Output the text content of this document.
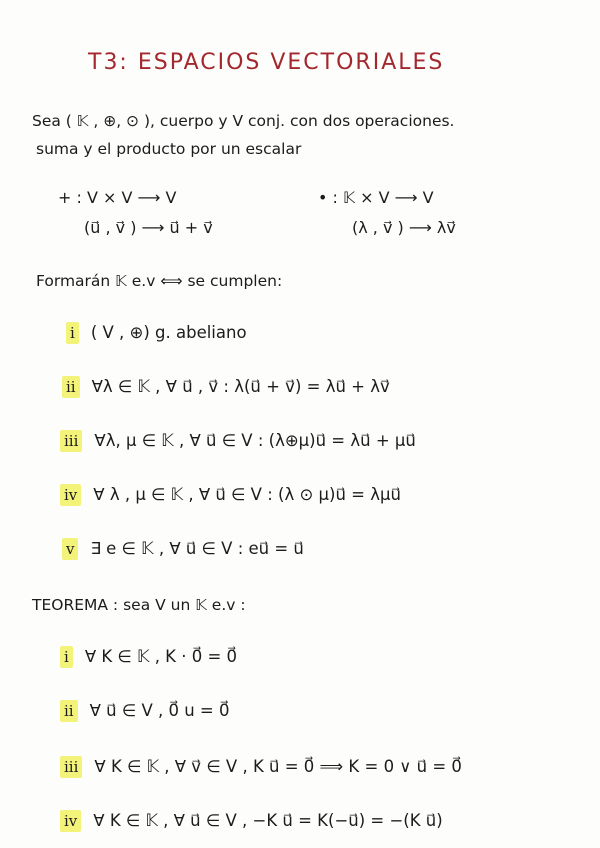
T3: ESPACIOS VECTORIALES
Sea ( 𝕂 , ⊕, ⊙ ), cuerpo y V conj. con dos operaciones.
suma y el producto por un escalar
+ : V × V ⟶ V
(u⃗ , v⃗ ) ⟶ u⃗ + v⃗
• : 𝕂 × V ⟶ V
(λ , v⃗ ) ⟶ λv⃗
Formarán 𝕂 e.v ⟺ se cumplen:
i ( V , ⊕) g. abeliano
ii ∀λ ∈ 𝕂 , ∀ u⃗ , v⃗ : λ(u⃗ + v⃗) = λu⃗ + λv⃗
iii ∀λ, μ ∈ 𝕂 , ∀ u⃗ ∈ V : (λ⊕μ)u⃗ = λu⃗ + μu⃗
iv ∀ λ , μ ∈ 𝕂 , ∀ u⃗ ∈ V : (λ ⊙ μ)u⃗ = λμu⃗
v ∃ e ∈ 𝕂 , ∀ u⃗ ∈ V : eu⃗ = u⃗
TEOREMA : sea V un 𝕂 e.v :
i ∀ K ∈ 𝕂 , K · 0⃗ = 0⃗
ii ∀ u⃗ ∈ V , 0⃗ u = 0⃗
iii ∀ K ∈ 𝕂 , ∀ v⃗ ∈ V , K u⃗ = 0⃗ ⟹ K = 0 ∨ u⃗ = 0⃗
iv ∀ K ∈ 𝕂 , ∀ u⃗ ∈ V , −K u⃗ = K(−u⃗) = −(K u⃗)
